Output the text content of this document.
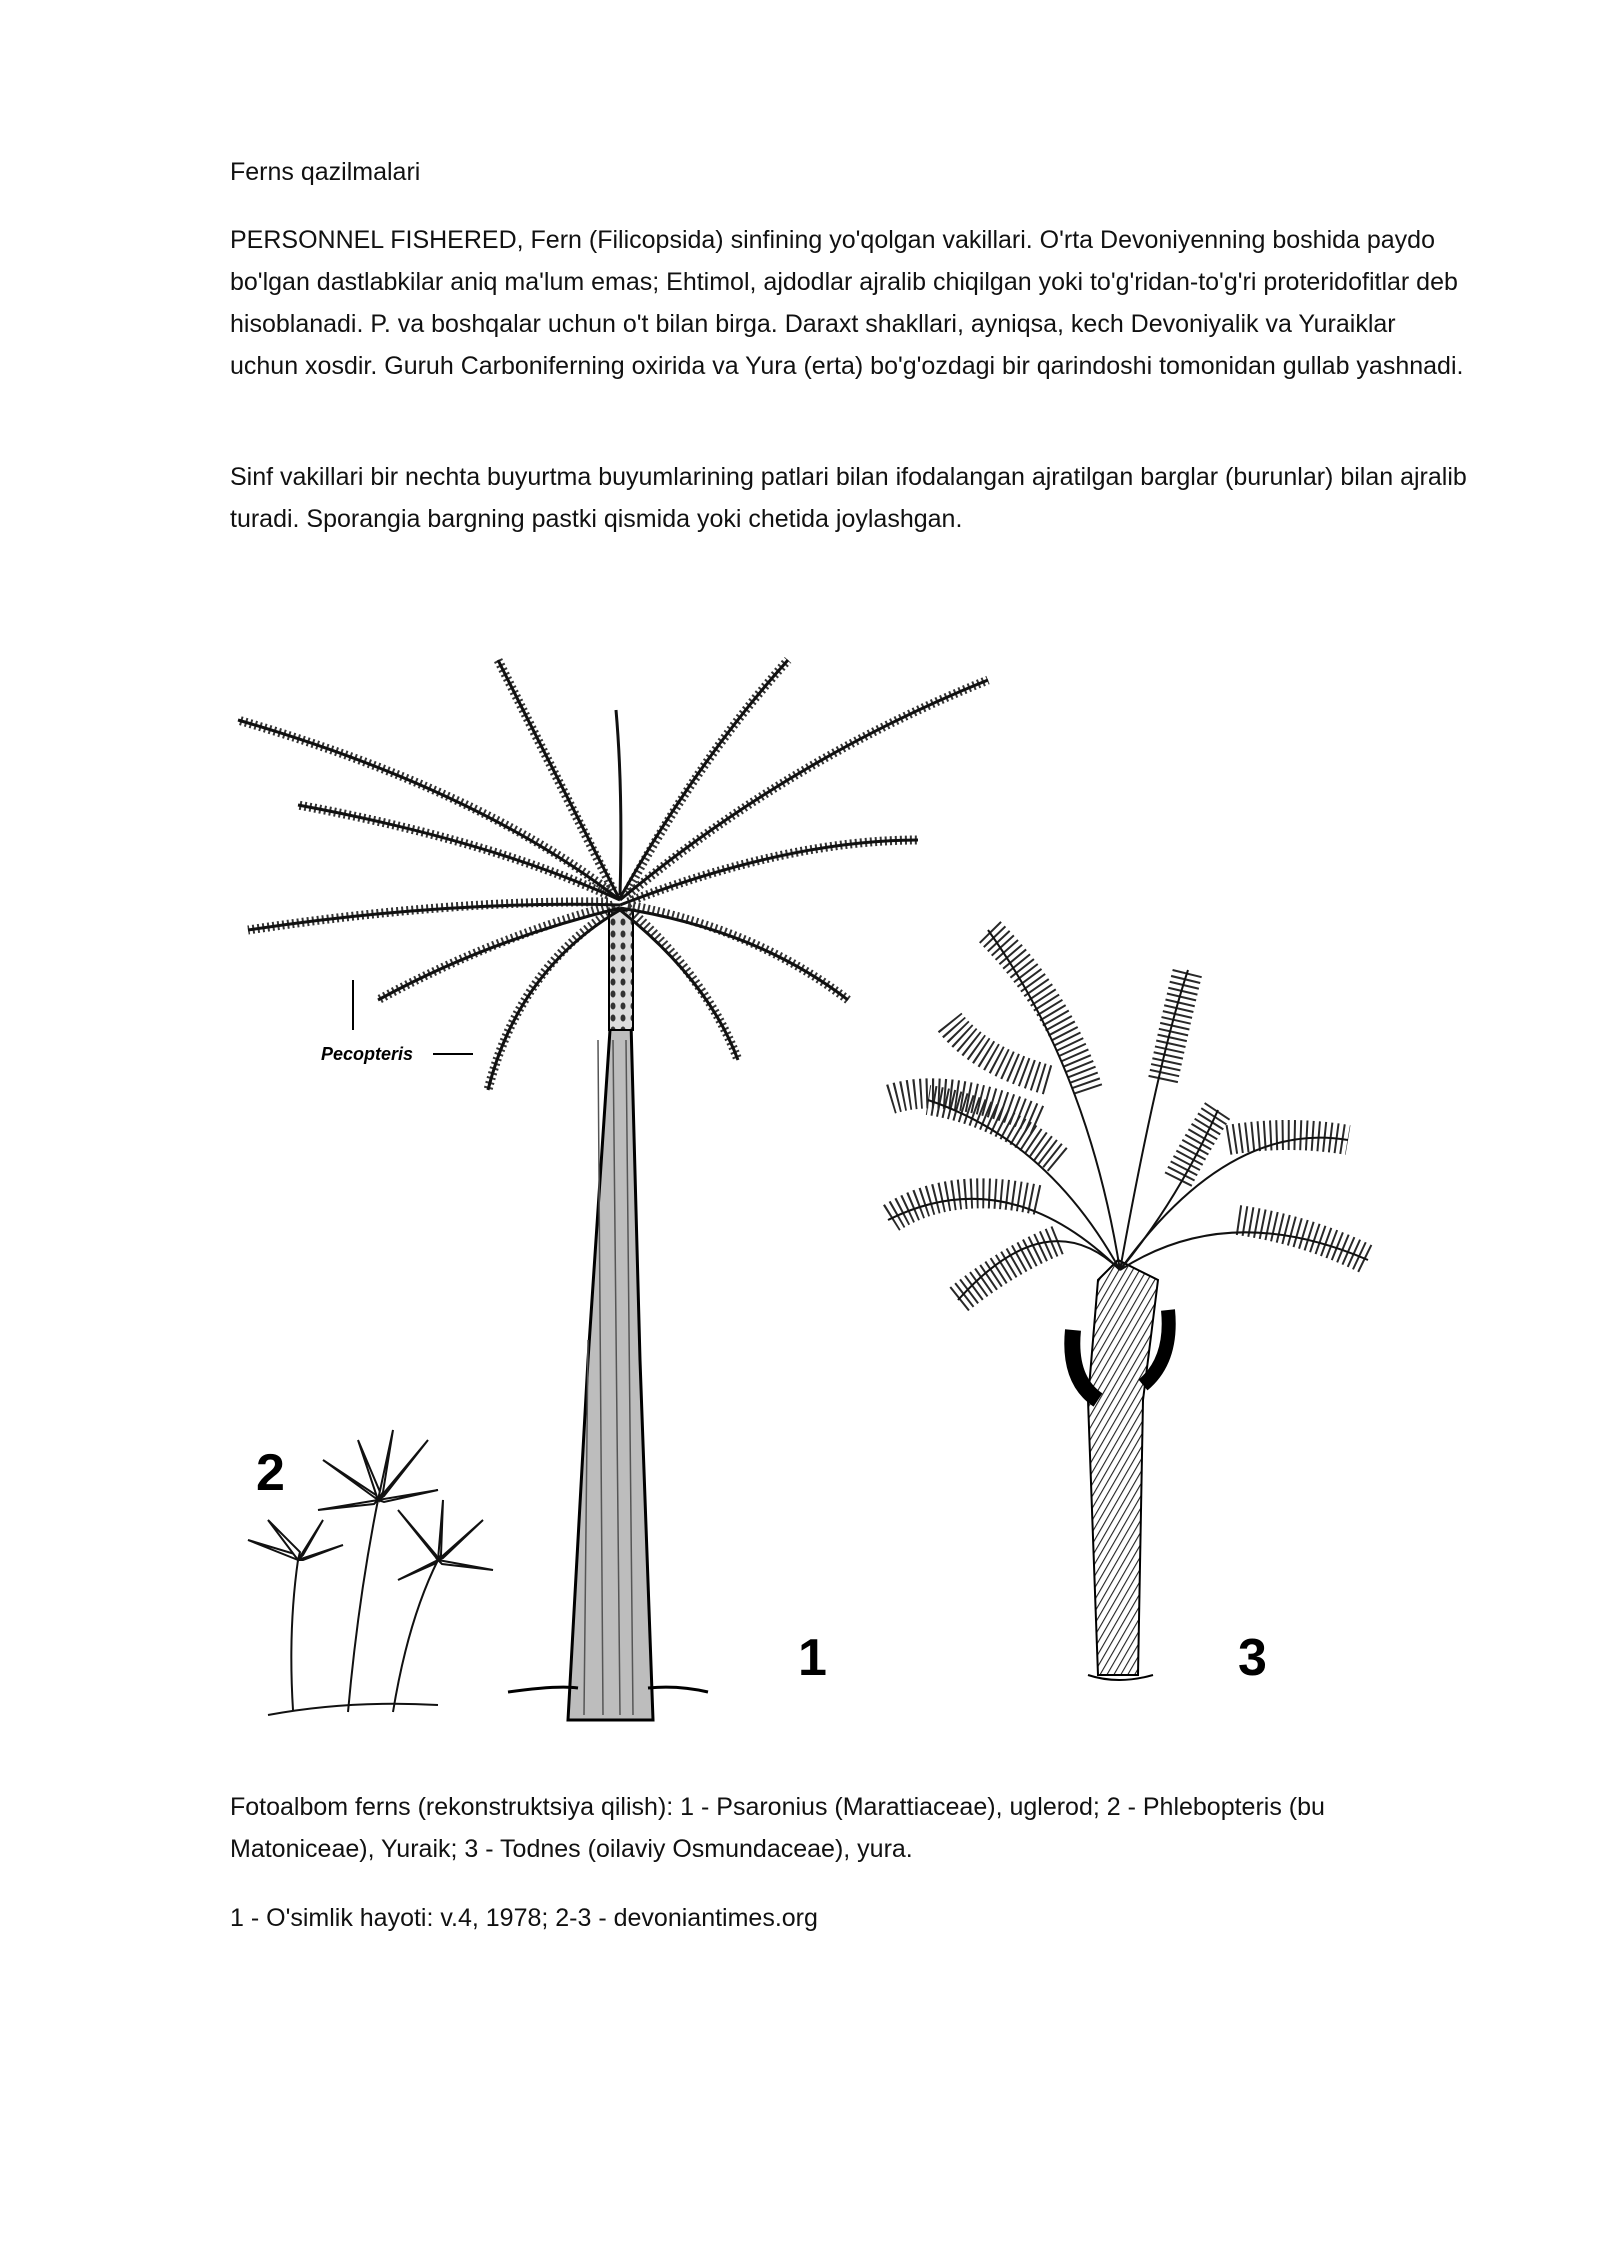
Ferns qazilmalari

PERSONNEL FISHERED, Fern (Filicopsida) sinfining yo'qolgan vakillari. O'rta Devoniyenning boshida paydo bo'lgan dastlabkilar aniq ma'lum emas; Ehtimol, ajdodlar ajralib chiqilgan yoki to'g'ridan-to'g'ri proteridofitlar deb hisoblanadi. P. va boshqalar uchun o't bilan birga. Daraxt shakllari, ayniqsa, kech Devoniyalik va Yuraiklar uchun xosdir. Guruh Carboniferning oxirida va Yura (erta) bo'g'ozdagi bir qarindoshi tomonidan gullab yashnadi.

Sinf vakillari bir nechta buyurtma buyumlarining patlari bilan ifodalangan ajratilgan barglar (burunlar) bilan ajralib turadi. Sporangia bargning pastki qismida yoki chetida joylashgan.

Pecopteris
2
1	3

Fotoalbom ferns (rekonstruktsiya qilish): 1 - Psaronius (Marattiaceae), uglerod; 2 - Phlebopteris (bu Matoniceae), Yuraik; 3 - Todnes (oilaviy Osmundaceae), yura.

1 - O'simlik hayoti: v.4, 1978; 2-3 - devoniantimes.org
